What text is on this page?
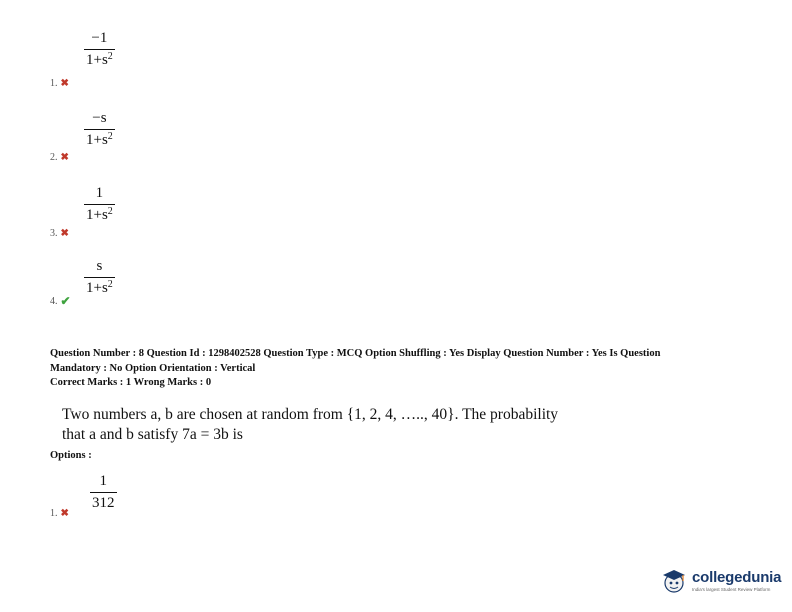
−1
$1+s^2$
1. ✖
−s
$1+s^2$
2. ✖
1
$1+s^2$
3. ✖
s
$1+s^2$
4. ✔
Question Number : 8 Question Id : 1298402528 Question Type : MCQ Option Shuffling : Yes Display Question Number : Yes Is Question
Mandatory : No Option Orientation : Vertical
Correct Marks : 1 Wrong Marks : 0
Two numbers a, b are chosen at random from {1, 2, 4, ….., 40}. The probability
that a and b satisfy 7a = 3b is
Options :
1
312
1. ✖
collegedunia
India's largest Student Review Platform
